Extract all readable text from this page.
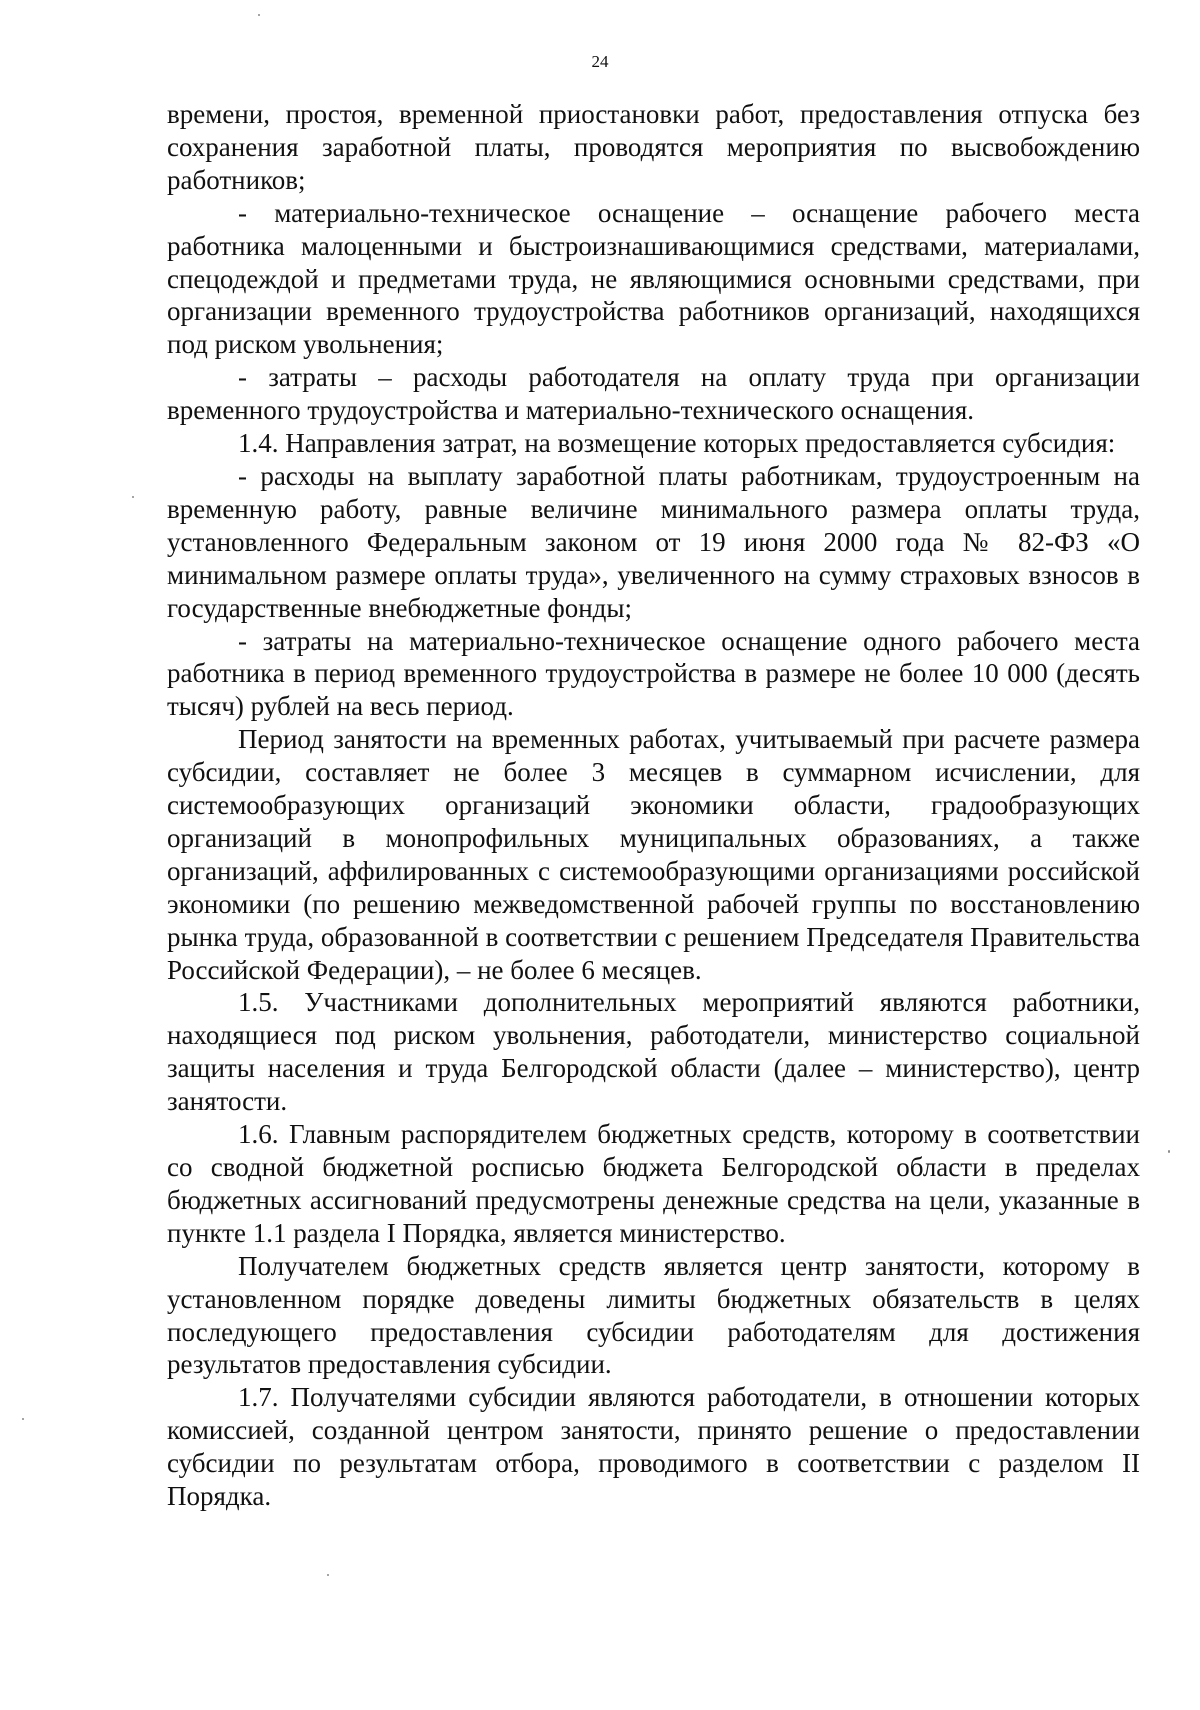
24

времени, простоя, временной приостановки работ, предоставления отпуска без сохранения заработной платы, проводятся мероприятия по высвобождению работников;

- материально-техническое оснащение – оснащение рабочего места работника малоценными и быстроизнашивающимися средствами, материалами, спецодеждой и предметами труда, не являющимися основными средствами, при организации временного трудоустройства работников организаций, находящихся под риском увольнения;

- затраты – расходы работодателя на оплату труда при организации временного трудоустройства и материально-технического оснащения.

1.4. Направления затрат, на возмещение которых предоставляется субсидия:

- расходы на выплату заработной платы работникам, трудоустроенным на временную работу, равные величине минимального размера оплаты труда, установленного Федеральным законом от 19 июня 2000 года № 82-ФЗ «О минимальном размере оплаты труда», увеличенного на сумму страховых взносов в государственные внебюджетные фонды;

- затраты на материально-техническое оснащение одного рабочего места работника в период временного трудоустройства в размере не более 10 000 (десять тысяч) рублей на весь период.

Период занятости на временных работах, учитываемый при расчете размера субсидии, составляет не более 3 месяцев в суммарном исчислении, для системообразующих организаций экономики области, градообразующих организаций в монопрофильных муниципальных образованиях, а также организаций, аффилированных с системообразующими организациями российской экономики (по решению межведомственной рабочей группы по восстановлению рынка труда, образованной в соответствии с решением Председателя Правительства Российской Федерации), – не более 6 месяцев.

1.5. Участниками дополнительных мероприятий являются работники, находящиеся под риском увольнения, работодатели, министерство социальной защиты населения и труда Белгородской области (далее – министерство), центр занятости.

1.6. Главным распорядителем бюджетных средств, которому в соответствии со сводной бюджетной росписью бюджета Белгородской области в пределах бюджетных ассигнований предусмотрены денежные средства на цели, указанные в пункте 1.1 раздела I Порядка, является министерство.

Получателем бюджетных средств является центр занятости, которому в установленном порядке доведены лимиты бюджетных обязательств в целях последующего предоставления субсидии работодателям для достижения результатов предоставления субсидии.

1.7. Получателями субсидии являются работодатели, в отношении которых комиссией, созданной центром занятости, принято решение о предоставлении субсидии по результатам отбора, проводимого в соответствии с разделом II Порядка.
